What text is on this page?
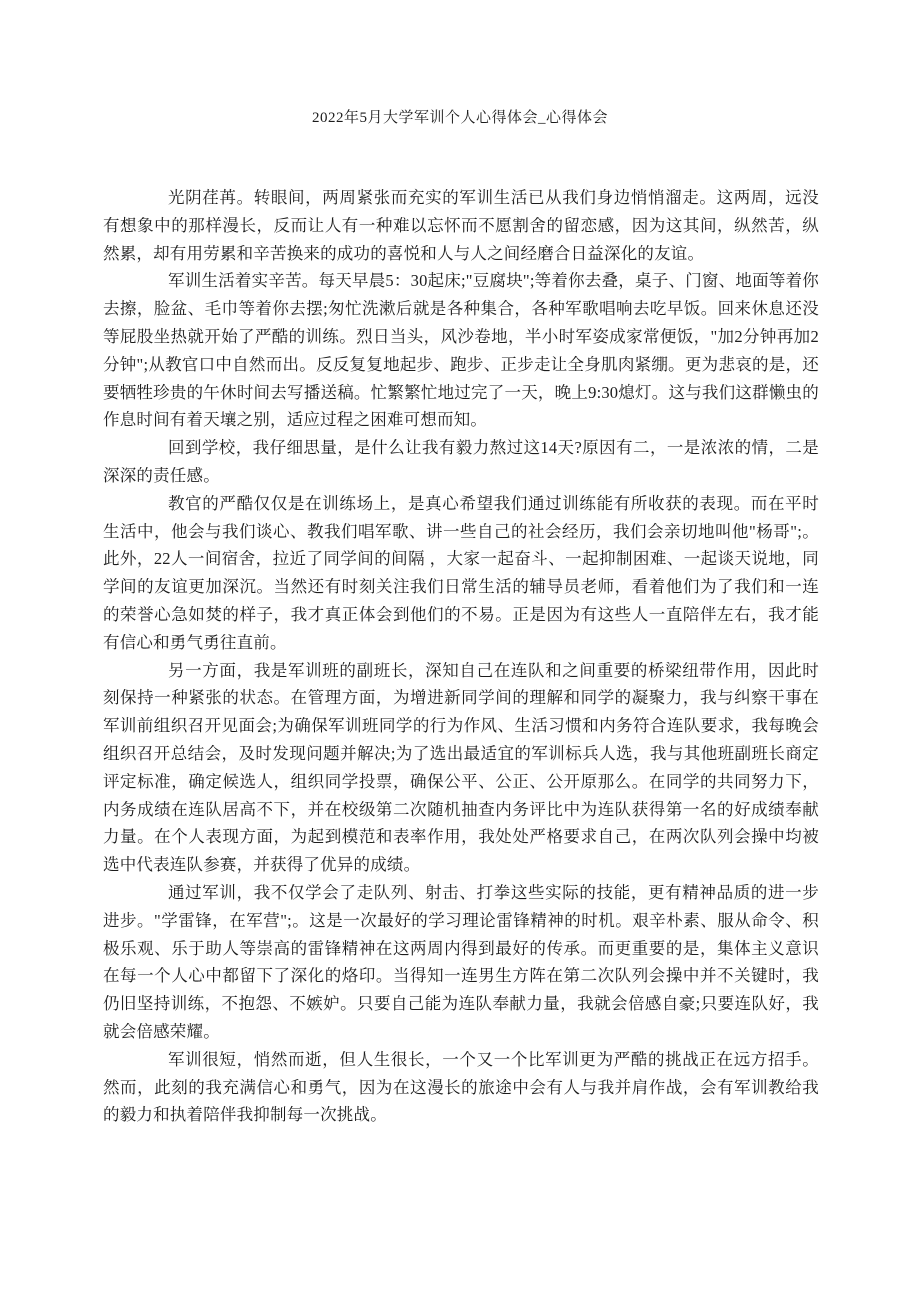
2022年5月大学军训个人心得体会_心得体会

光阴荏苒。转眼间，两周紧张而充实的军训生活已从我们身边悄悄溜走。这两周，远没有想象中的那样漫长，反而让人有一种难以忘怀而不愿割舍的留恋感，因为这其间，纵然苦，纵然累，却有用劳累和辛苦换来的成功的喜悦和人与人之间经磨合日益深化的友谊。

军训生活着实辛苦。每天早晨5：30起床;"豆腐块";等着你去叠，桌子、门窗、地面等着你去擦，脸盆、毛巾等着你去摆;匆忙洗漱后就是各种集合，各种军歌唱响去吃早饭。回来休息还没等屁股坐热就开始了严酷的训练。烈日当头，风沙卷地，半小时军姿成家常便饭，"加2分钟再加2分钟";从教官口中自然而出。反反复复地起步、跑步、正步走让全身肌肉紧绷。更为悲哀的是，还要牺牲珍贵的午休时间去写播送稿。忙繁繁忙地过完了一天，晚上9:30熄灯。这与我们这群懒虫的作息时间有着天壤之别，适应过程之困难可想而知。

回到学校，我仔细思量，是什么让我有毅力熬过这14天?原因有二，一是浓浓的情，二是深深的责任感。

教官的严酷仅仅是在训练场上，是真心希望我们通过训练能有所收获的表现。而在平时生活中，他会与我们谈心、教我们唱军歌、讲一些自己的社会经历，我们会亲切地叫他"杨哥";。此外，22人一间宿舍，拉近了同学间的间隔 ，大家一起奋斗、一起抑制困难、一起谈天说地，同学间的友谊更加深沉。当然还有时刻关注我们日常生活的辅导员老师，看着他们为了我们和一连的荣誉心急如焚的样子，我才真正体会到他们的不易。正是因为有这些人一直陪伴左右，我才能有信心和勇气勇往直前。

另一方面，我是军训班的副班长，深知自己在连队和之间重要的桥梁纽带作用，因此时刻保持一种紧张的状态。在管理方面，为增进新同学间的理解和同学的凝聚力，我与纠察干事在军训前组织召开见面会;为确保军训班同学的行为作风、生活习惯和内务符合连队要求，我每晚会组织召开总结会，及时发现问题并解决;为了选出最适宜的军训标兵人选，我与其他班副班长商定评定标准，确定候选人，组织同学投票，确保公平、公正、公开原那么。在同学的共同努力下，内务成绩在连队居高不下，并在校级第二次随机抽查内务评比中为连队获得第一名的好成绩奉献力量。在个人表现方面，为起到模范和表率作用，我处处严格要求自己，在两次队列会操中均被选中代表连队参赛，并获得了优异的成绩。

通过军训，我不仅学会了走队列、射击、打拳这些实际的技能，更有精神品质的进一步进步。"学雷锋，在军营";。这是一次最好的学习理论雷锋精神的时机。艰辛朴素、服从命令、积极乐观、乐于助人等崇高的雷锋精神在这两周内得到最好的传承。而更重要的是，集体主义意识在每一个人心中都留下了深化的烙印。当得知一连男生方阵在第二次队列会操中并不关键时，我仍旧坚持训练，不抱怨、不嫉妒。只要自己能为连队奉献力量，我就会倍感自豪;只要连队好，我就会倍感荣耀。

军训很短，悄然而逝，但人生很长，一个又一个比军训更为严酷的挑战正在远方招手。然而，此刻的我充满信心和勇气，因为在这漫长的旅途中会有人与我并肩作战，会有军训教给我的毅力和执着陪伴我抑制每一次挑战。
